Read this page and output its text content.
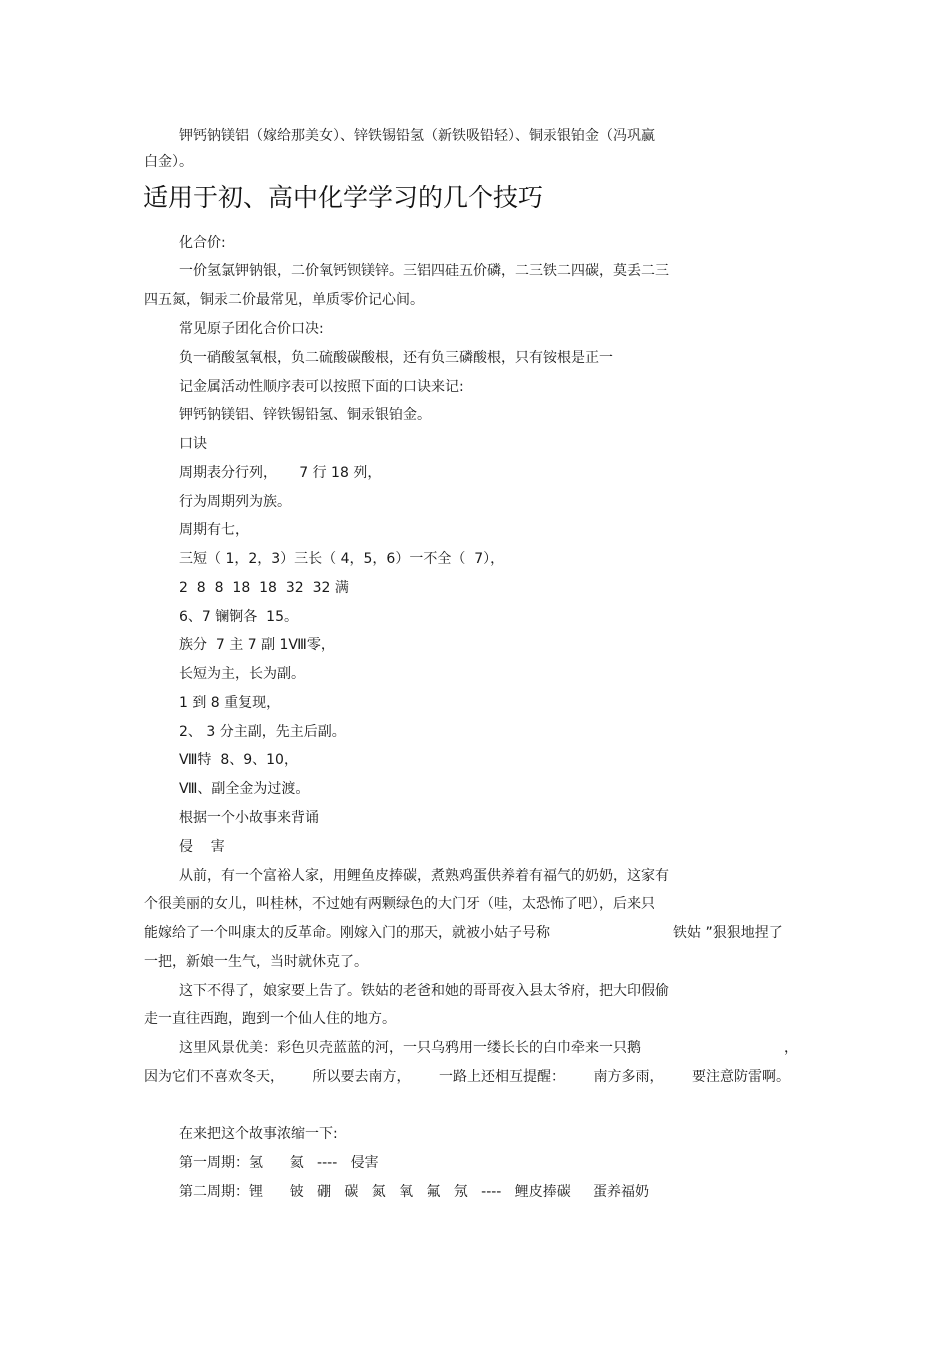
钾钙钠镁铝（嫁给那美女）、锌铁锡铅氢（新铁吸铅轻）、铜汞银铂金（冯巩赢
白金）。
适用于初、高中化学学习的几个技巧
化合价:
一价氢氯钾钠银，二价氧钙钡镁锌。三铝四硅五价磷，二三铁二四碳，莫丢二三
四五氮，铜汞二价最常见，单质零价记心间。
常见原子团化合价口决:
负一硝酸氢氧根，负二硫酸碳酸根，还有负三磷酸根，只有铵根是正一
记金属活动性顺序表可以按照下面的口诀来记:
钾钙钠镁铝、锌铁锡铅氢、铜汞银铂金。
口诀
周期表分行列，     7 行 18 列，
行为周期列为族。
周期有七，
三短（ 1，2，3）三长（ 4，5，6）一不全（  7），
2  8  8  18  18  32  32 满
6、7 镧锕各  15。
族分  7 主 7 副 1Ⅷ零，
长短为主，长为副。
1 到 8 重复现，
2、 3 分主副，先主后副。
Ⅷ特  8、9、10，
Ⅷ、副全金为过渡。
根据一个小故事来背诵
侵    害
从前，有一个富裕人家，用鲤鱼皮捧碳，煮熟鸡蛋供养着有福气的奶奶，这家有
个很美丽的女儿，叫桂林，不过她有两颗绿色的大门牙（哇，太恐怖了吧），后来只
能嫁给了一个叫康太的反革命。刚嫁入门的那天，就被小姑子号称	铁姑 ”狠狠地捏了
一把，新娘一生气，当时就休克了。
这下不得了，娘家要上告了。铁姑的老爸和她的哥哥夜入县太爷府，把大印假偷
走一直往西跑，跑到一个仙人住的地方。
这里风景优美：彩色贝壳蓝蓝的河，一只乌鸦用一缕长长的白巾牵来一只鹅	，
因为它们不喜欢冬天， 所以要去南方， 一路上还相互提醒： 南方多雨， 要注意防雷啊。
在来把这个故事浓缩一下:
第一周期：氢      氦   ----   侵害
第二周期：锂      铍   硼   碳   氮   氧   氟   氖   ----   鲤皮捧碳     蛋养福奶
